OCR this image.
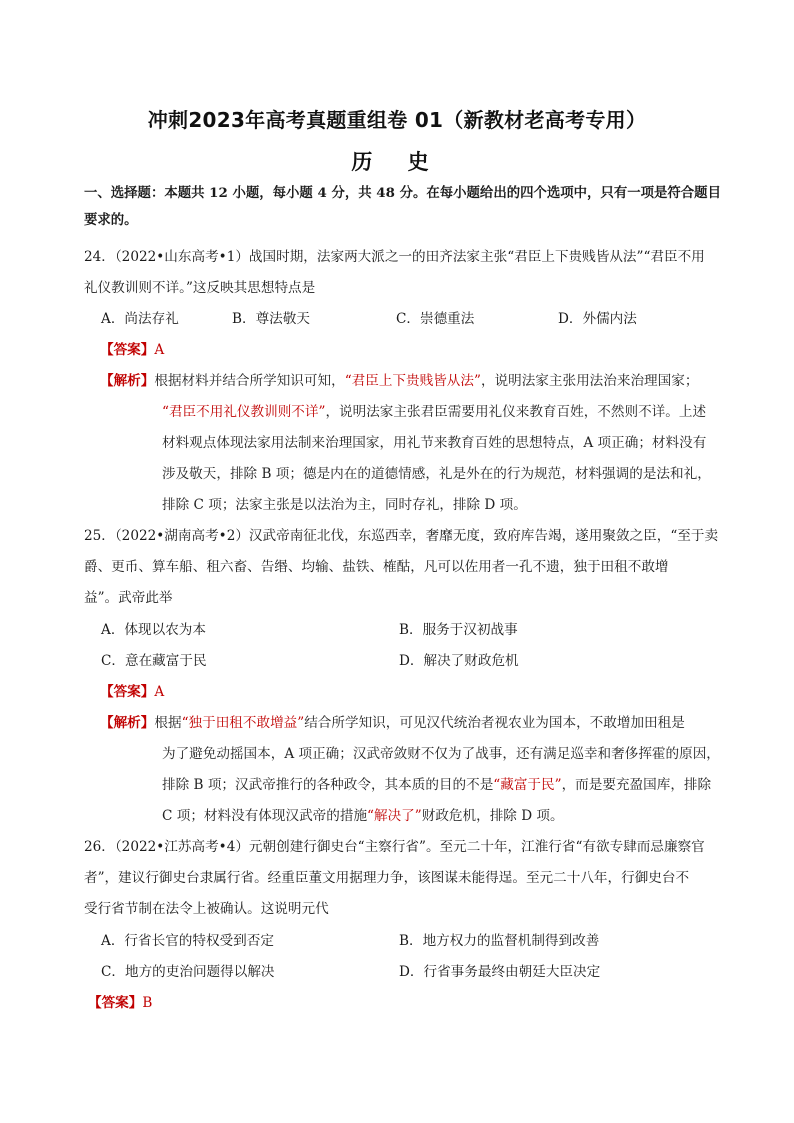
冲刺2023年高考真题重组卷 01（新教材老高考专用）
历 史
一、选择题：本题共 12 小题，每小题 4 分，共 48 分。在每小题给出的四个选项中，只有一项是符合题目
要求的。
24．（2022•山东高考•1）战国时期，法家两大派之一的田齐法家主张“君臣上下贵贱皆从法”“君臣不用
礼仪教训则不详。”这反映其思想特点是
A．尚法存礼	B．尊法敬天	C．崇德重法	D．外儒内法
【答案】A
【解析】根据材料并结合所学知识可知，“君臣上下贵贱皆从法”，说明法家主张用法治来治理国家；
“君臣不用礼仪教训则不详”，说明法家主张君臣需要用礼仪来教育百姓，不然则不详。上述
材料观点体现法家用法制来治理国家，用礼节来教育百姓的思想特点，A 项正确；材料没有
涉及敬天，排除 B 项；德是内在的道德情感，礼是外在的行为规范，材料强调的是法和礼，
排除 C 项；法家主张是以法治为主，同时存礼，排除 D 项。
25．（2022•湖南高考•2）汉武帝南征北伐，东巡西幸，奢靡无度，致府库告竭，遂用聚敛之臣，“至于卖
爵、更币、算车船、租六畜、告缗、均输、盐铁、榷酤，凡可以佐用者一孔不遗，独于田租不敢增
益”。武帝此举
A．体现以农为本	B．服务于汉初战事
C．意在藏富于民	D．解决了财政危机
【答案】A
【解析】根据“独于田租不敢增益”结合所学知识，可见汉代统治者视农业为国本，不敢增加田租是
为了避免动摇国本，A 项正确；汉武帝敛财不仅为了战事，还有满足巡幸和奢侈挥霍的原因，
排除 B 项；汉武帝推行的各种政令，其本质的目的不是“藏富于民”，而是要充盈国库，排除
C 项；材料没有体现汉武帝的措施“解决了”财政危机，排除 D 项。
26．（2022•江苏高考•4）元朝创建行御史台“主察行省”。至元二十年，江淮行省“有欲专肆而忌廉察官
者”，建议行御史台隶属行省。经重臣董文用据理力争，该图谋未能得逞。至元二十八年，行御史台不
受行省节制在法令上被确认。这说明元代
A．行省长官的特权受到否定	B．地方权力的监督机制得到改善
C．地方的吏治问题得以解决	D．行省事务最终由朝廷大臣决定
【答案】B
